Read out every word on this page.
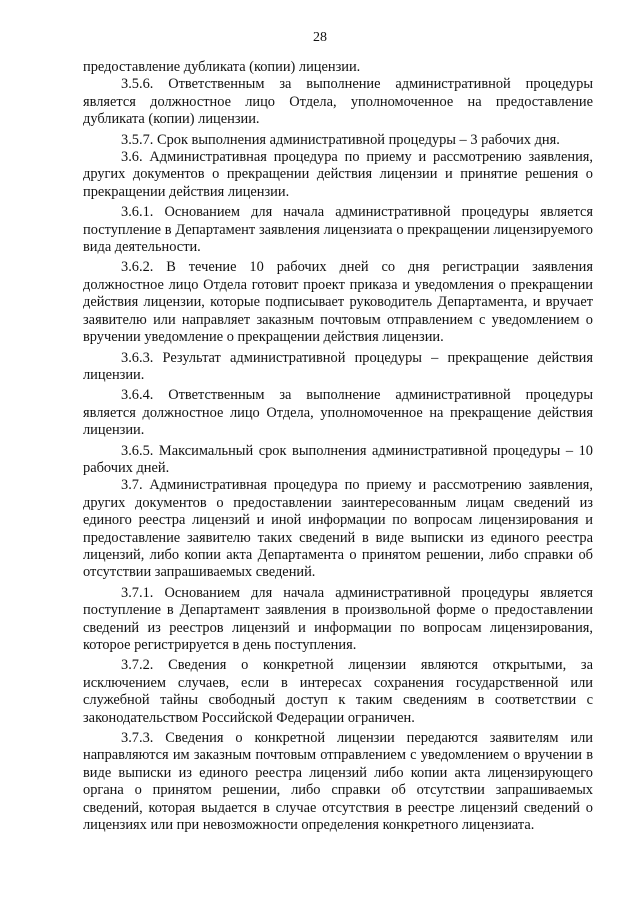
28

предоставление дубликата (копии) лицензии.

3.5.6. Ответственным за выполнение административной процедуры является должностное лицо Отдела, уполномоченное на предоставление дубликата (копии) лицензии.

3.5.7. Срок выполнения административной процедуры – 3 рабочих дня.

3.6. Административная процедура по приему и рассмотрению заявления, других документов о прекращении действия лицензии и принятие решения о прекращении действия лицензии.

3.6.1. Основанием для начала административной процедуры является поступление в Департамент заявления лицензиата о прекращении лицензируемого вида деятельности.

3.6.2. В течение 10 рабочих дней со дня регистрации заявления должностное лицо Отдела готовит проект приказа и уведомления о прекращении действия лицензии, которые подписывает руководитель Департамента, и вручает заявителю или направляет заказным почтовым отправлением с уведомлением о вручении уведомление о прекращении действия лицензии.

3.6.3. Результат административной процедуры – прекращение действия лицензии.

3.6.4. Ответственным за выполнение административной процедуры является должностное лицо Отдела, уполномоченное на прекращение действия лицензии.

3.6.5. Максимальный срок выполнения административной процедуры – 10 рабочих дней.

3.7. Административная процедура по приему и рассмотрению заявления, других документов о предоставлении заинтересованным лицам сведений из единого реестра лицензий и иной информации по вопросам лицензирования и предоставление заявителю таких сведений в виде выписки из единого реестра лицензий, либо копии акта Департамента о принятом решении, либо справки об отсутствии запрашиваемых сведений.

3.7.1. Основанием для начала административной процедуры является поступление в Департамент заявления в произвольной форме о предоставлении сведений из реестров лицензий и информации по вопросам лицензирования, которое регистрируется в день поступления.

3.7.2. Сведения о конкретной лицензии являются открытыми, за исключением случаев, если в интересах сохранения государственной или служебной тайны свободный доступ к таким сведениям в соответствии с законодательством Российской Федерации ограничен.

3.7.3. Сведения о конкретной лицензии передаются заявителям или направляются им заказным почтовым отправлением с уведомлением о вручении в виде выписки из единого реестра лицензий либо копии акта лицензирующего органа о принятом решении, либо справки об отсутствии запрашиваемых сведений, которая выдается в случае отсутствия в реестре лицензий сведений о лицензиях или при невозможности определения конкретного лицензиата.
